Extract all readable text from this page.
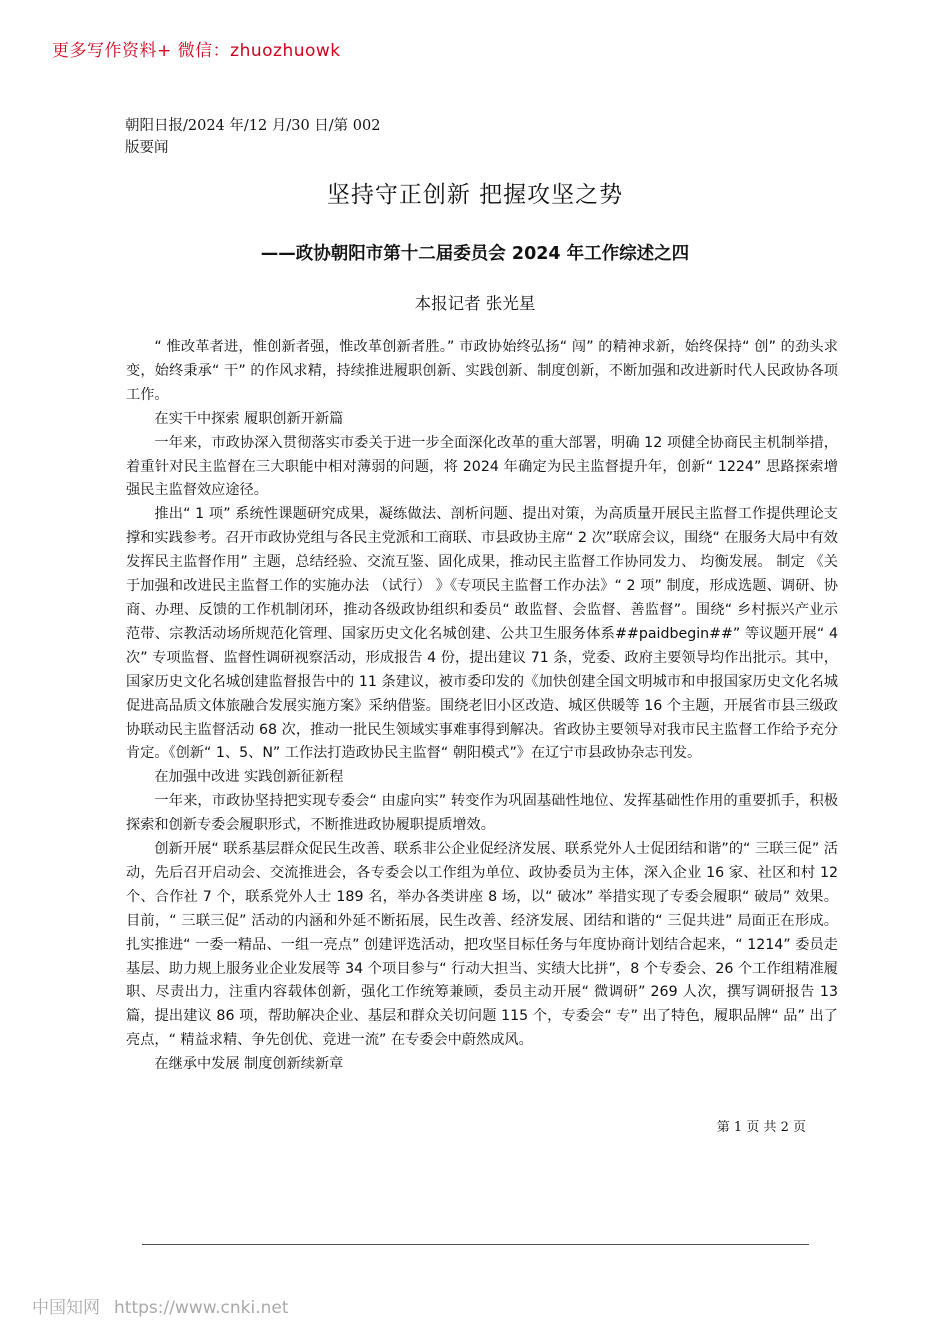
更多写作资料+ 微信：zhuozhuowk
朝阳日报/2024 年/12 月/30 日/第 002
版要闻
坚持守正创新 把握攻坚之势
——政协朝阳市第十二届委员会 2024 年工作综述之四
本报记者 张光星

“ 惟改革者进，惟创新者强，惟改革创新者胜。” 市政协始终弘扬“ 闯” 的精神求新，始终保持“ 创” 的劲头求变，始终秉承“ 干” 的作风求精，持续推进履职创新、实践创新、制度创新，不断加强和改进新时代人民政协各项工作。

在实干中探索 履职创新开新篇

一年来，市政协深入贯彻落实市委关于进一步全面深化改革的重大部署，明确 12 项健全协商民主机制举措，着重针对民主监督在三大职能中相对薄弱的问题，将 2024 年确定为民主监督提升年，创新“ 1224” 思路探索增强民主监督效应途径。

推出“ 1 项” 系统性课题研究成果，凝练做法、剖析问题、提出对策，为高质量开展民主监督工作提供理论支撑和实践参考。召开市政协党组与各民主党派和工商联、市县政协主席“ 2 次”联席会议，围绕“ 在服务大局中有效发挥民主监督作用” 主题，总结经验、交流互鉴、固化成果，推动民主监督工作协同发力、 均衡发展。 制定 《关于加强和改进民主监督工作的实施办法 （试行） 》《专项民主监督工作办法》“ 2 项” 制度，形成选题、调研、协商、办理、反馈的工作机制闭环，推动各级政协组织和委员“ 敢监督、会监督、善监督”。围绕“ 乡村振兴产业示范带、宗教活动场所规范化管理、国家历史文化名城创建、公共卫生服务体系##paidbegin##” 等议题开展“ 4 次” 专项监督、监督性调研视察活动，形成报告 4 份，提出建议 71 条，党委、政府主要领导均作出批示。其中，国家历史文化名城创建监督报告中的 11 条建议，被市委印发的《加快创建全国文明城市和申报国家历史文化名城促进高品质文体旅融合发展实施方案》采纳借鉴。围绕老旧小区改造、城区供暖等 16 个主题，开展省市县三级政协联动民主监督活动 68 次，推动一批民生领域实事难事得到解决。省政协主要领导对我市民主监督工作给予充分肯定。《创新“ 1、5、N” 工作法打造政协民主监督“ 朝阳模式”》在辽宁市县政协杂志刊发。

在加强中改进 实践创新征新程

一年来，市政协坚持把实现专委会“ 由虚向实” 转变作为巩固基础性地位、发挥基础性作用的重要抓手，积极探索和创新专委会履职形式，不断推进政协履职提质增效。

创新开展“ 联系基层群众促民生改善、联系非公企业促经济发展、联系党外人士促团结和谐”的“ 三联三促” 活动，先后召开启动会、交流推进会，各专委会以工作组为单位、政协委员为主体，深入企业 16 家、社区和村 12 个、合作社 7 个，联系党外人士 189 名，举办各类讲座 8 场，以“ 破冰” 举措实现了专委会履职“ 破局” 效果。目前，“ 三联三促” 活动的内涵和外延不断拓展，民生改善、经济发展、团结和谐的“ 三促共进” 局面正在形成。扎实推进“ 一委一精品、一组一亮点” 创建评选活动，把攻坚目标任务与年度协商计划结合起来，“ 1214” 委员走基层、助力规上服务业企业发展等 34 个项目参与“ 行动大担当、实绩大比拼”，8 个专委会、26 个工作组精准履职、尽责出力，注重内容载体创新，强化工作统筹兼顾，委员主动开展“ 微调研” 269 人次，撰写调研报告 13 篇，提出建议 86 项，帮助解决企业、基层和群众关切问题 115 个，专委会“ 专” 出了特色，履职品牌“ 品” 出了亮点，“ 精益求精、争先创优、竞进一流” 在专委会中蔚然成风。

在继承中发展 制度创新续新章

第 1 页 共 2 页
中国知网 https://www.cnki.net
